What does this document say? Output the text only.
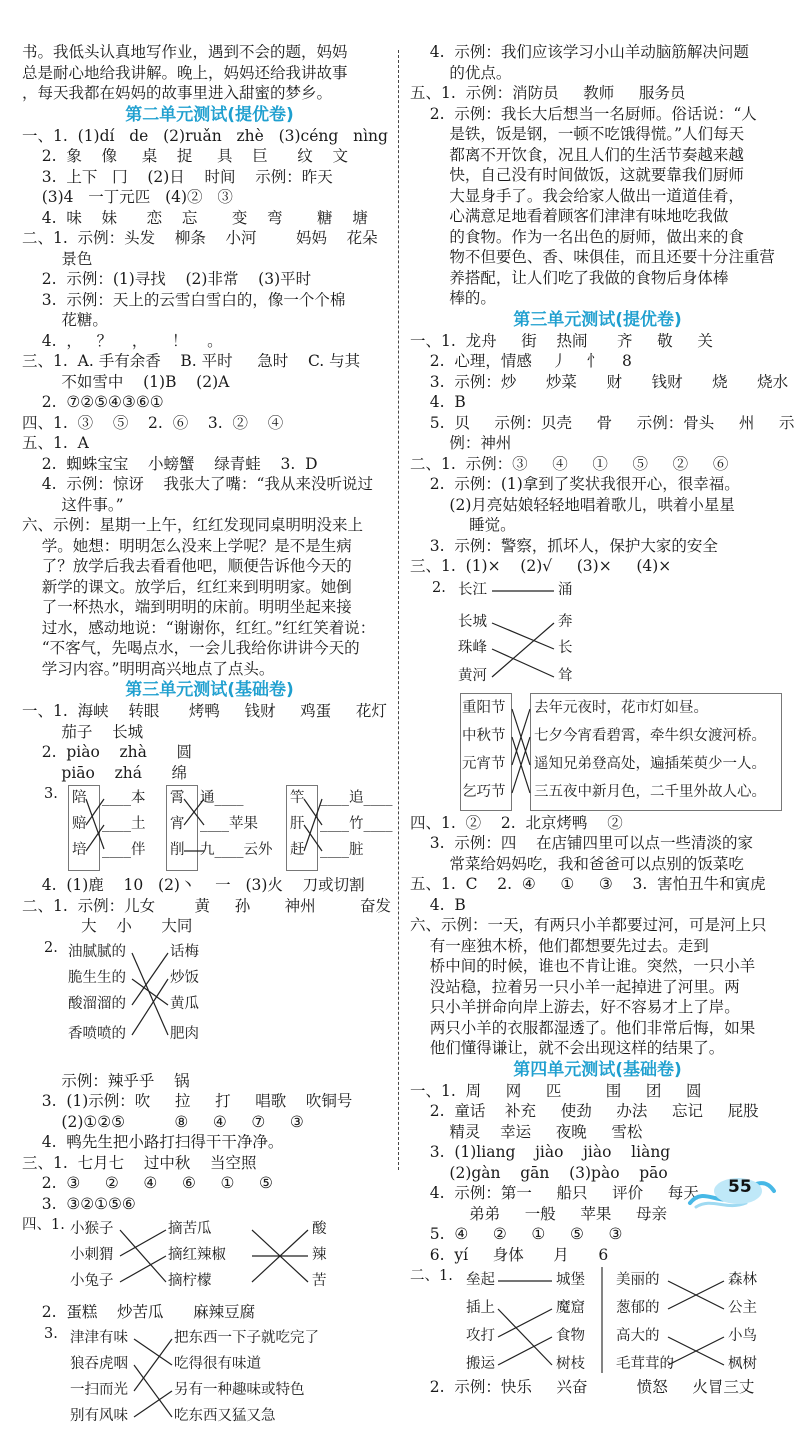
书。我低头认真地写作业，遇到不会的题，妈妈
总是耐心地给我讲解。晚上，妈妈还给我讲故事
，每天我都在妈妈的故事里进入甜蜜的梦乡。
第二单元测试(提优卷)
一、1.  (1)dí   de   (2)ruǎn   zhè   (3)céng   nìng
2.  象    像     桌    捉     具    巨      纹    文
3.  上下   冂    (2)日    时间    示例：昨天
(3)4   一丁元匹   (4)②   ③
4.  味    妹      恋    忘       变    弯       糖    塘
二、1.  示例：头发    柳条    小河        妈妈    花朵
景色
2.  示例：(1)寻找    (2)非常    (3)平时
3.  示例：天上的云雪白雪白的，像一个个棉
花糖。
4.  ，   ？    ，     ！    。
三、1.  A. 手有余香    B. 平时     急时    C. 与其
不如雪中    (1)B    (2)A
2.  ⑦②⑤④③⑥①
四、1.  ③    ⑤    2.  ⑥    3.  ②    ④
五、1.  A
2.  蜘蛛宝宝    小螃蟹    绿青蛙    3.  D
4.  示例：惊讶    我张大了嘴：“我从来没听说过
这件事。”
六、示例：星期一上午，红红发现同桌明明没来上
学。她想：明明怎么没来上学呢？是不是生病
了？放学后我去看看他吧，顺便告诉他今天的
新学的课文。放学后，红红来到明明家。她倒
了一杯热水，端到明明的床前。明明坐起来接
过水，感动地说：“谢谢你，红红。”红红笑着说：
“不客气，先喝点水，一会儿我给你讲讲今天的
学习内容。”明明高兴地点了点头。
第三单元测试(基础卷)
一、1.  海峡    转眼      烤鸭     钱财     鸡蛋     花灯
茄子    长城
2.  piào    zhà      圆
piāo    zhá      绵
3. 陪
赔
培
____本
____土
____伴
霄
宵
削
通____
____苹果
九____云外
竿
肝
赶
____追____
____竹____
____脏
4.  (1)鹿    10   (2)丶    一   (3)火    刀或切割
二、1.  示例：儿女        黄     孙       神州         奋发
大    小      大同
2. 油腻腻的
脆生生的
酸溜溜的
香喷喷的
话梅
炒饭
黄瓜
肥肉
示例：辣乎乎    锅
3.  (1)示例：吹     拉     打     唱歌    吹铜号
(2)①②⑤          ⑧     ④     ⑦     ③
4.  鸭先生把小路打扫得干干净净。
三、1.  七月七    过中秋    当空照
2.  ③     ②     ④     ⑥     ①     ⑤
3.  ③②①⑤⑥
四、1. 小猴子
小刺猬
小兔子
摘苦瓜
摘红辣椒
摘柠檬
酸
辣
苦
2.  蛋糕    炒苦瓜      麻辣豆腐
3. 津津有味
狼吞虎咽
一扫而光
别有风味
把东西一下子就吃完了
吃得很有味道
另有一种趣味或特色
吃东西又猛又急
4.  示例：我们应该学习小山羊动脑筋解决问题
的优点。
五、1.  示例：消防员     教师     服务员
2.  示例：我长大后想当一名厨师。俗话说：“人
是铁，饭是钢，一顿不吃饿得慌。”人们每天
都离不开饮食，况且人们的生活节奏越来越
快，自己没有时间做饭，这就要靠我们厨师
大显身手了。我会给家人做出一道道佳肴，
心满意足地看着顾客们津津有味地吃我做
的食物。作为一名出色的厨师，做出来的食
物不但要色、香、味俱佳，而且还要十分注重营
养搭配，让人们吃了我做的食物后身体棒
棒的。
第三单元测试(提优卷)
一、1.  龙舟     街    热闹      齐     敬     关
2.  心理，情感    丿    忄    8
3.  示例：炒      炒菜      财      钱财      烧      烧水
4.  B
5.  贝     示例：贝壳     骨     示例：骨头     州     示
例：神州
二、1.  示例：③     ④     ①     ⑤     ②     ⑥
2.  示例：(1)拿到了奖状我很开心，很幸福。
(2)月亮姑娘轻轻地唱着歌儿，哄着小星星
睡觉。
3.  示例：警察，抓坏人，保护大家的安全
三、1.  (1)×    (2)√     (3)×     (4)×
2. 长江
长城
珠峰
黄河
涌
奔
长
耸
重阳节
中秋节
元宵节
乞巧节
去年元夜时，花市灯如昼。
七夕今宵看碧霄，牵牛织女渡河桥。
遥知兄弟登高处，遍插茱萸少一人。
三五夜中新月色，二千里外故人心。
四、1.  ②    2.  北京烤鸭    ②
3.  示例：四    在店铺四里可以点一些清淡的家
常菜给妈妈吃，我和爸爸可以点别的饭菜吃
五、1.  C    2.  ④     ①     ③    3.  害怕丑牛和寅虎
4.  B
六、示例：一天，有两只小羊都要过河，可是河上只
有一座独木桥，他们都想要先过去。走到
桥中间的时候，谁也不肯让谁。突然，一只小羊
没站稳，拉着另一只小羊一起掉进了河里。两
只小羊拼命向岸上游去，好不容易才上了岸。
两只小羊的衣服都湿透了。他们非常后悔，如果
他们懂得谦让，就不会出现这样的结果了。
第四单元测试(基础卷)
一、1.  周     网     匹         围     团     圆
2.  童话    补充     使劲     办法     忘记     屁股
精灵    幸运     夜晚     雪松
3.  (1)liang    jiào    jiào    liàng
(2)gàn    gān    (3)pào    pāo
4.  示例：第一     船只     评价     每天
弟弟     一般     苹果     母亲
5.  ④     ②     ①     ⑤     ③
6.  yí     身体      月      6
二、1. 垒起
插上
攻打
搬运
城堡
魔窟
食物
树枝
美丽的
葱郁的
高大的
毛茸茸的
森林
公主
小鸟
枫树
2.  示例：快乐     兴奋          愤怒     火冒三丈
55
